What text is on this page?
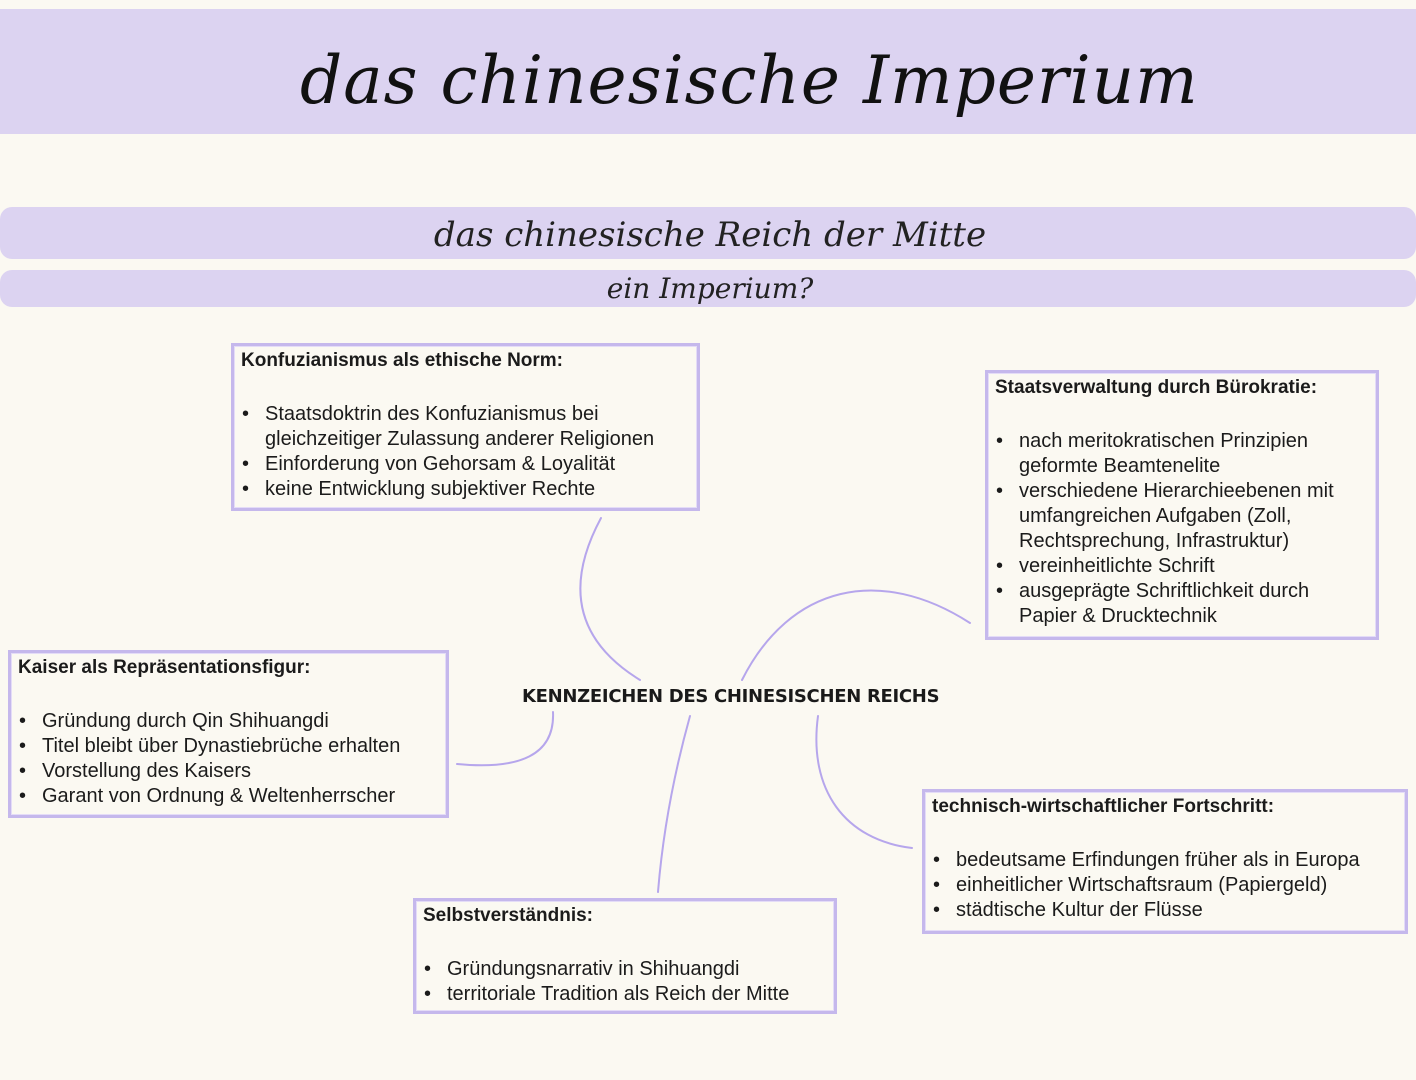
das chinesische Imperium
das chinesische Reich der Mitte
ein Imperium?
KENNZEICHEN DES CHINESISCHEN REICHS
Konfuzianismus als ethische Norm:
• Staatsdoktrin des Konfuzianismus bei
gleichzeitiger Zulassung anderer Religionen
• Einforderung von Gehorsam & Loyalität
• keine Entwicklung subjektiver Rechte
Staatsverwaltung durch Bürokratie:
• nach meritokratischen Prinzipien
geformte Beamtenelite
• verschiedene Hierarchieebenen mit
umfangreichen Aufgaben (Zoll,
Rechtsprechung, Infrastruktur)
• vereinheitlichte Schrift
• ausgeprägte Schriftlichkeit durch
Papier & Drucktechnik
Kaiser als Repräsentationsfigur:
• Gründung durch Qin Shihuangdi
• Titel bleibt über Dynastiebrüche erhalten
• Vorstellung des Kaisers
• Garant von Ordnung & Weltenherrscher	technisch-wirtschaftlicher Fortschritt:
• bedeutsame Erfindungen früher als in Europa
• einheitlicher Wirtschaftsraum (Papiergeld)
• städtische Kultur der Flüsse
Selbstverständnis:
• Gründungsnarrativ in Shihuangdi
• territoriale Tradition als Reich der Mitte
